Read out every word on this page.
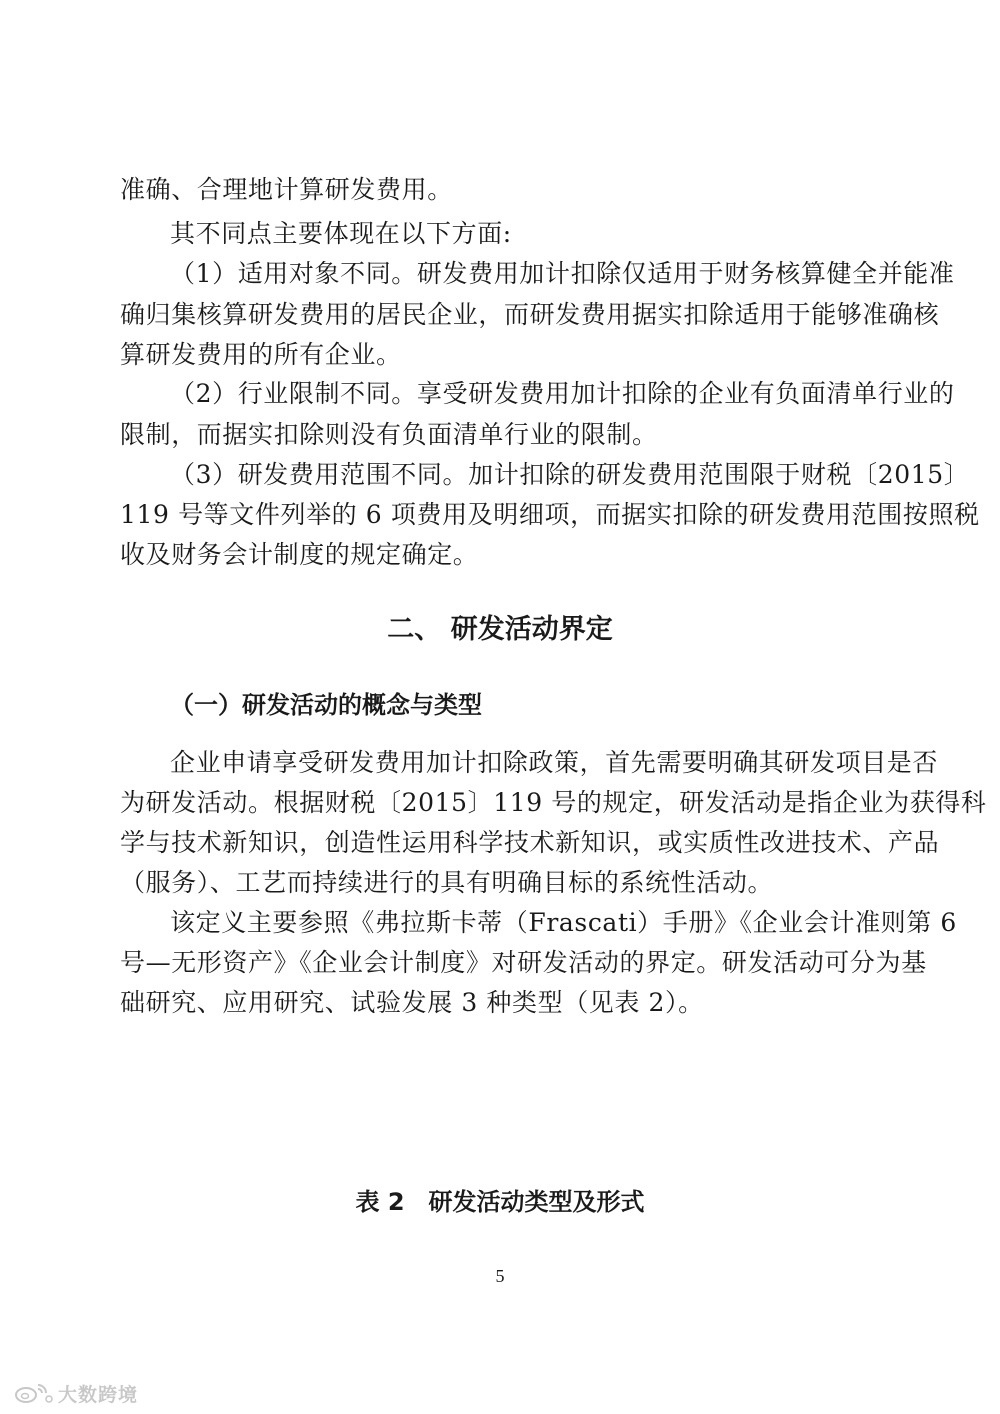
准确、合理地计算研发费用。
其不同点主要体现在以下方面:
（1）适用对象不同。研发费用加计扣除仅适用于财务核算健全并能准
确归集核算研发费用的居民企业，而研发费用据实扣除适用于能够准确核
算研发费用的所有企业。
（2）行业限制不同。享受研发费用加计扣除的企业有负面清单行业的
限制，而据实扣除则没有负面清单行业的限制。
（3）研发费用范围不同。加计扣除的研发费用范围限于财税〔2015〕
119 号等文件列举的 6 项费用及明细项，而据实扣除的研发费用范围按照税
收及财务会计制度的规定确定。
二、 研发活动界定
（一）研发活动的概念与类型
企业申请享受研发费用加计扣除政策，首先需要明确其研发项目是否
为研发活动。根据财税〔2015〕119 号的规定，研发活动是指企业为获得科
学与技术新知识，创造性运用科学技术新知识，或实质性改进技术、产品
（服务）、工艺而持续进行的具有明确目标的系统性活动。
该定义主要参照《弗拉斯卡蒂（Frascati）手册》《企业会计准则第 6
号—无形资产》《企业会计制度》对研发活动的界定。研发活动可分为基
础研究、应用研究、试验发展 3 种类型（见表 2）。
表 2　研发活动类型及形式
5
大数跨境
